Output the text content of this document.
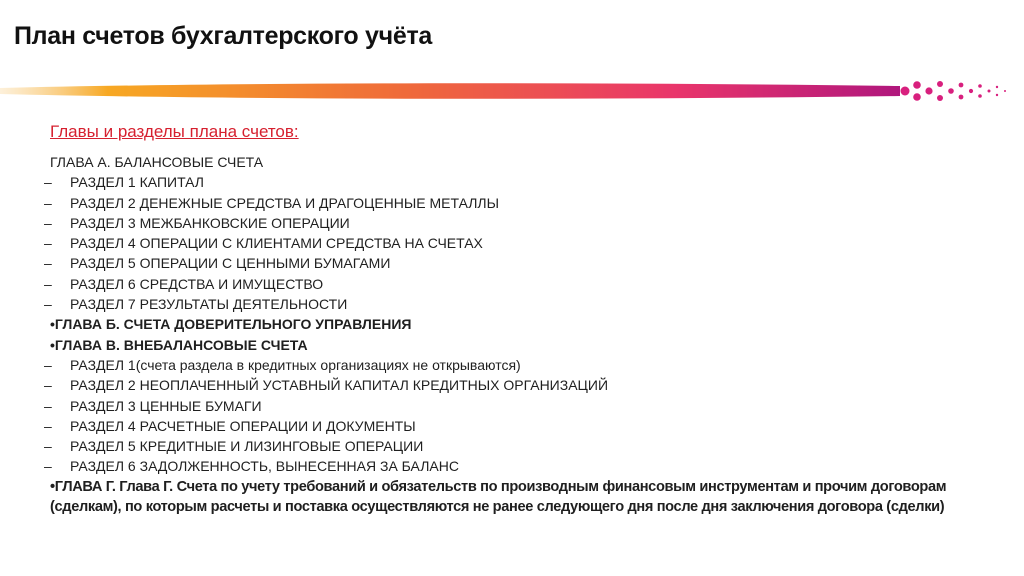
План счетов бухгалтерского учёта
Главы и разделы плана счетов:
ГЛАВА А. БАЛАНСОВЫЕ СЧЕТА
– РАЗДЕЛ 1 КАПИТАЛ
– РАЗДЕЛ 2 ДЕНЕЖНЫЕ СРЕДСТВА И ДРАГОЦЕННЫЕ МЕТАЛЛЫ
– РАЗДЕЛ 3 МЕЖБАНКОВСКИЕ ОПЕРАЦИИ
– РАЗДЕЛ 4 ОПЕРАЦИИ С КЛИЕНТАМИ СРЕДСТВА НА СЧЕТАХ
– РАЗДЕЛ 5 ОПЕРАЦИИ С ЦЕННЫМИ БУМАГАМИ
– РАЗДЕЛ 6 СРЕДСТВА И ИМУЩЕСТВО
– РАЗДЕЛ 7 РЕЗУЛЬТАТЫ ДЕЯТЕЛЬНОСТИ
•ГЛАВА Б. СЧЕТА ДОВЕРИТЕЛЬНОГО УПРАВЛЕНИЯ
•ГЛАВА В. ВНЕБАЛАНСОВЫЕ СЧЕТА
– РАЗДЕЛ 1(счета раздела в кредитных организациях не открываются)
– РАЗДЕЛ 2 НЕОПЛАЧЕННЫЙ УСТАВНЫЙ КАПИТАЛ КРЕДИТНЫХ ОРГАНИЗАЦИЙ
– РАЗДЕЛ 3 ЦЕННЫЕ БУМАГИ
– РАЗДЕЛ 4 РАСЧЕТНЫЕ ОПЕРАЦИИ И ДОКУМЕНТЫ
– РАЗДЕЛ 5 КРЕДИТНЫЕ И ЛИЗИНГОВЫЕ ОПЕРАЦИИ
– РАЗДЕЛ 6 ЗАДОЛЖЕННОСТЬ, ВЫНЕСЕННАЯ ЗА БАЛАНС
•ГЛАВА Г. Глава Г. Счета по учету требований и обязательств по производным финансовым инструментам и прочим договорам (сделкам), по которым расчеты и поставка осуществляются не ранее следующего дня после дня заключения договора (сделки)
